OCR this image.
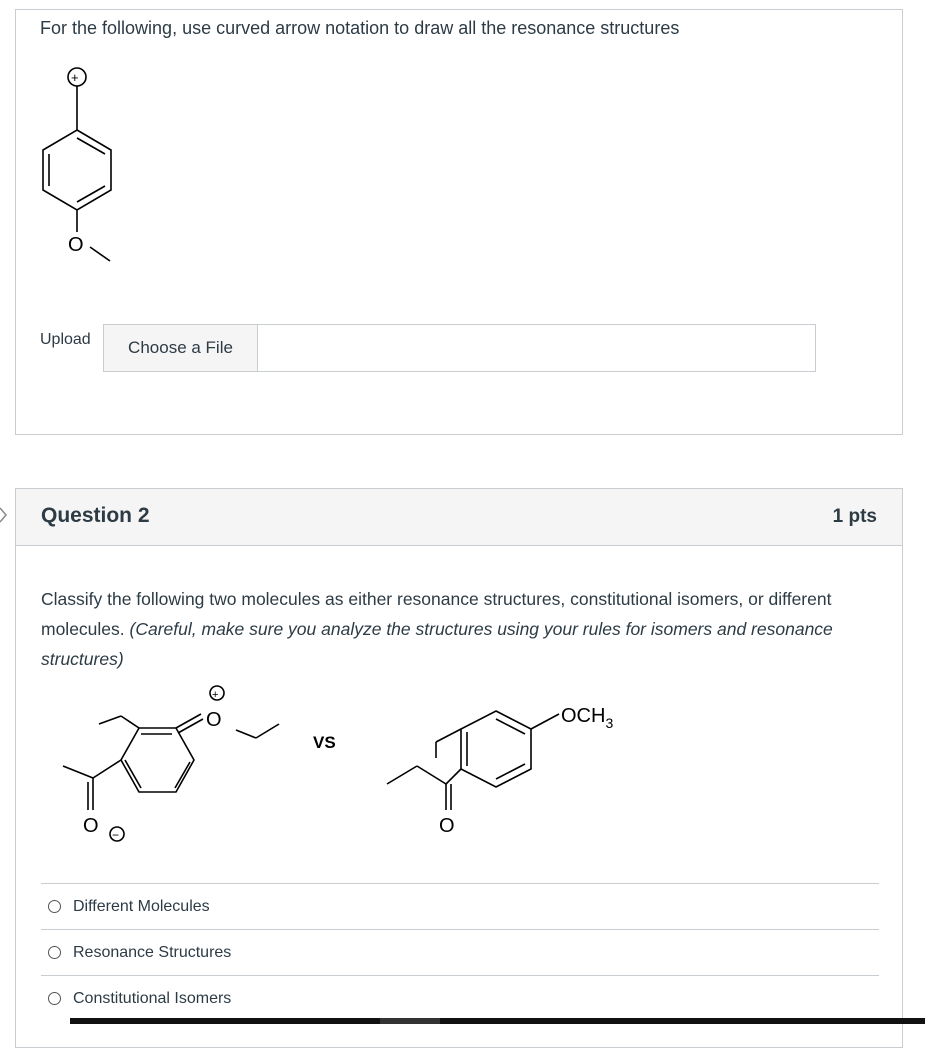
For the following, use curved arrow notation to draw all the resonance structures
+
O
Upload	Choose a File
Question 2	1 pts
Classify the following two molecules as either resonance structures, constitutional isomers, or different molecules. (Careful, make sure you analyze the structures using your rules for isomers and resonance structures)
+
O
O −
VS
$OCH_3$
O
Different Molecules
Resonance Structures
Constitutional Isomers
